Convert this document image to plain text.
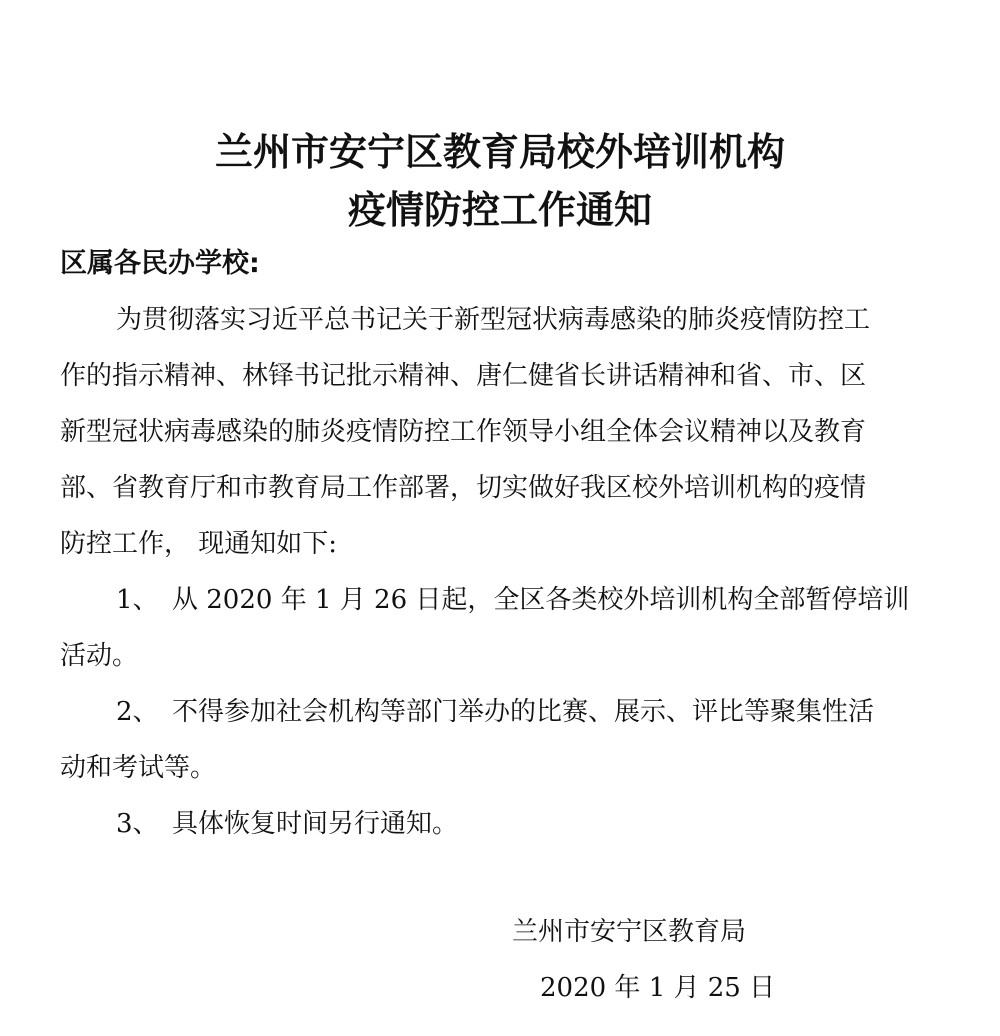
兰州市安宁区教育局校外培训机构
疫情防控工作通知
区属各民办学校:
为贯彻落实习近平总书记关于新型冠状病毒感染的肺炎疫情防控工
作的指示精神、林铎书记批示精神、唐仁健省长讲话精神和省、市、区
新型冠状病毒感染的肺炎疫情防控工作领导小组全体会议精神以及教育
部、省教育厅和市教育局工作部署，切实做好我区校外培训机构的疫情
防控工作， 现通知如下:
1、 从 2020 年 1 月 26 日起，全区各类校外培训机构全部暂停培训
活动。
2、 不得参加社会机构等部门举办的比赛、展示、评比等聚集性活
动和考试等。
3、 具体恢复时间另行通知。
兰州市安宁区教育局
2020 年 1 月 25 日
